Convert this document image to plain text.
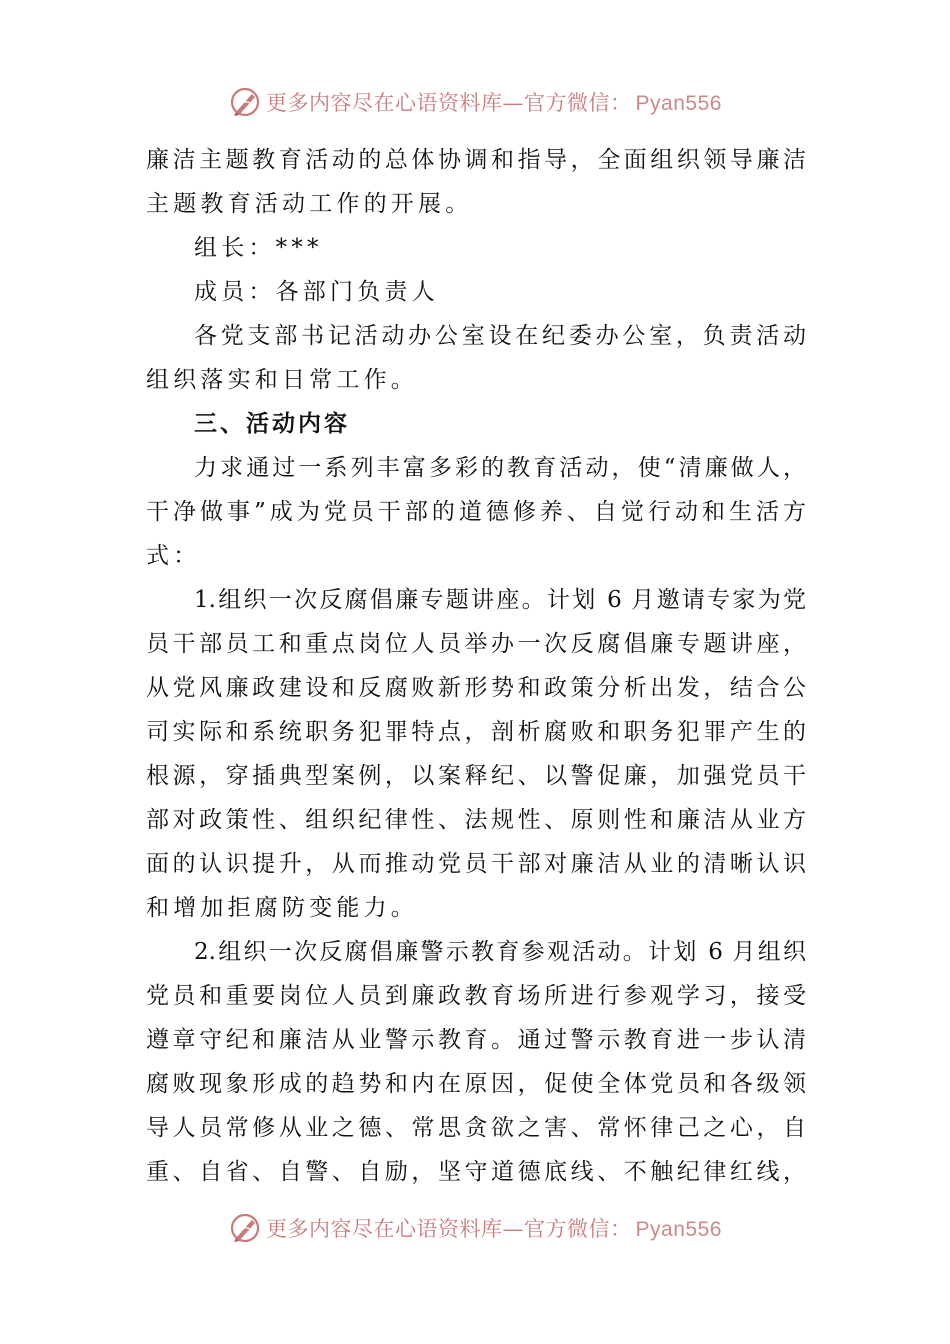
更多内容尽在心语资料库—官方微信： Pyan556
廉洁主题教育活动的总体协调和指导，全面组织领导廉洁
主题教育活动工作的开展。
组长：***
成员：各部门负责人
各党支部书记活动办公室设在纪委办公室，负责活动
组织落实和日常工作。
三、活动内容
力求通过一系列丰富多彩的教育活动，使“清廉做人，
干净做事”成为党员干部的道德修养、自觉行动和生活方
式：
1.组织一次反腐倡廉专题讲座。计划 6 月邀请专家为党
员干部员工和重点岗位人员举办一次反腐倡廉专题讲座，
从党风廉政建设和反腐败新形势和政策分析出发，结合公
司实际和系统职务犯罪特点，剖析腐败和职务犯罪产生的
根源，穿插典型案例，以案释纪、以警促廉，加强党员干
部对政策性、组织纪律性、法规性、原则性和廉洁从业方
面的认识提升，从而推动党员干部对廉洁从业的清晰认识
和增加拒腐防变能力。
2.组织一次反腐倡廉警示教育参观活动。计划 6 月组织
党员和重要岗位人员到廉政教育场所进行参观学习，接受
遵章守纪和廉洁从业警示教育。通过警示教育进一步认清
腐败现象形成的趋势和内在原因，促使全体党员和各级领
导人员常修从业之德、常思贪欲之害、常怀律己之心，自
重、自省、自警、自励，坚守道德底线、不触纪律红线，
更多内容尽在心语资料库—官方微信： Pyan556
